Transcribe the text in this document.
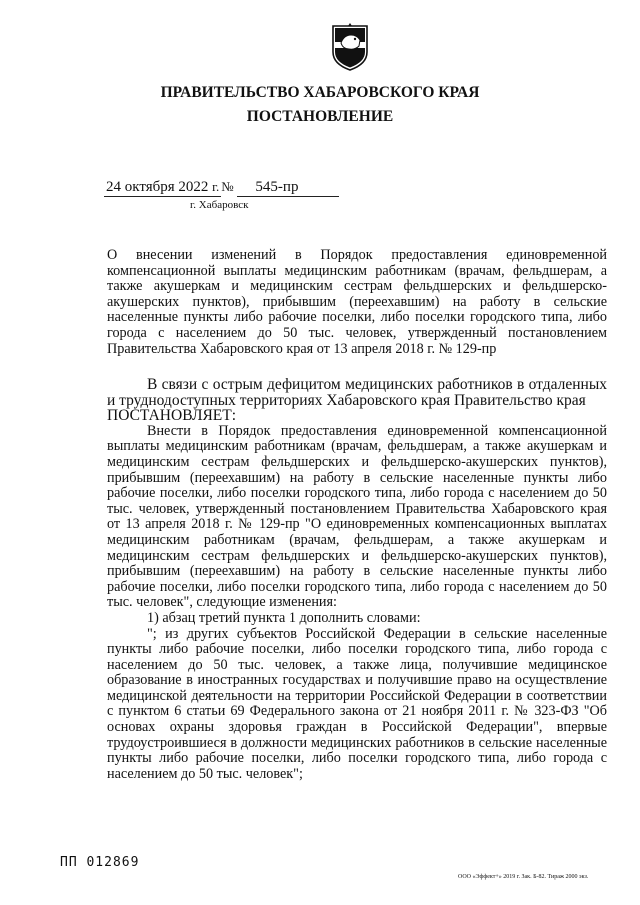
ПРАВИТЕЛЬСТВО ХАБАРОВСКОГО КРАЯ
ПОСТАНОВЛЕНИЕ
24 октября 2022 г. № 545-пр
г. Хабаровск
О внесении изменений в Порядок предоставления единовременной компенсационной выплаты медицинским работникам (врачам, фельдшерам, а также акушеркам и медицинским сестрам фельдшерских и фельдшерско-акушерских пунктов), прибывшим (переехавшим) на работу в сельские населенные пункты либо рабочие поселки, либо поселки городского типа, либо города с населением до 50 тыс. человек, утвержденный постановлением Правительства Хабаровского края от 13 апреля 2018 г. № 129-пр

В связи с острым дефицитом медицинских работников в отдаленных и труднодоступных территориях Хабаровского края Правительство края

ПОСТАНОВЛЯЕТ:

Внести в Порядок предоставления единовременной компенсационной выплаты медицинским работникам (врачам, фельдшерам, а также акушеркам и медицинским сестрам фельдшерских и фельдшерско-акушерских пунктов), прибывшим (переехавшим) на работу в сельские населенные пункты либо рабочие поселки, либо поселки городского типа, либо города с населением до 50 тыс. человек, утвержденный постановлением Правительства Хабаровского края от 13 апреля 2018 г. № 129-пр "О единовременных компенсационных выплатах медицинским работникам (врачам, фельдшерам, а также акушеркам и медицинским сестрам фельдшерских и фельдшерско-акушерских пунктов), прибывшим (переехавшим) на работу в сельские населенные пункты либо рабочие поселки, либо поселки городского типа, либо города с населением до 50 тыс. человек", следующие изменения:

1) абзац третий пункта 1 дополнить словами:

"; из других субъектов Российской Федерации в сельские населенные пункты либо рабочие поселки, либо поселки городского типа, либо города с населением до 50 тыс. человек, а также лица, получившие медицинское образование в иностранных государствах и получившие право на осуществление медицинской деятельности на территории Российской Федерации в соответствии с пунктом 6 статьи 69 Федерального закона от 21 ноября 2011 г. № 323-ФЗ "Об основах охраны здоровья граждан в Российской Федерации", впервые трудоустроившиеся в должности медицинских работников в сельские населенные пункты либо рабочие поселки, либо поселки городского типа, либо города с населением до 50 тыс. человек";

ПП 012869
ООО «Эффект+» 2019 г. Зак. Б-82. Тираж 2000 экз.
